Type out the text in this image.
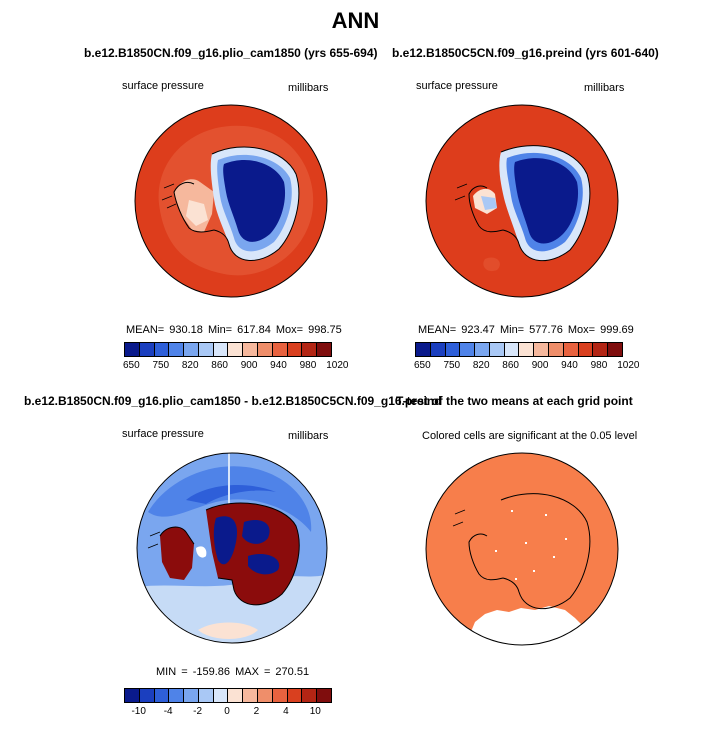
ANN
b.e12.B1850CN.f09_g16.plio_cam1850 (yrs 655-694)
surface pressure	millibars
MEAN= 930.18 Min= 617.84 Mox= 998.75
650 750 820 860 900 940 980 1020
b.e12.B1850C5CN.f09_g16.preind (yrs 601-640)
surface pressure	millibars
MEAN= 923.47 Min= 577.76 Mox= 999.69
650 750 820 860 900 940 980 1020
b.e12.B1850CN.f09_g16.plio_cam1850 - b.e12.B1850C5CN.f09_g16.preind
surface pressure	millibars
MIN = -159.86 MAX = 270.51
-10 -4 -2 0 2 4 10
T-test of the two means at each grid point
Colored cells are significant at the 0.05 level
